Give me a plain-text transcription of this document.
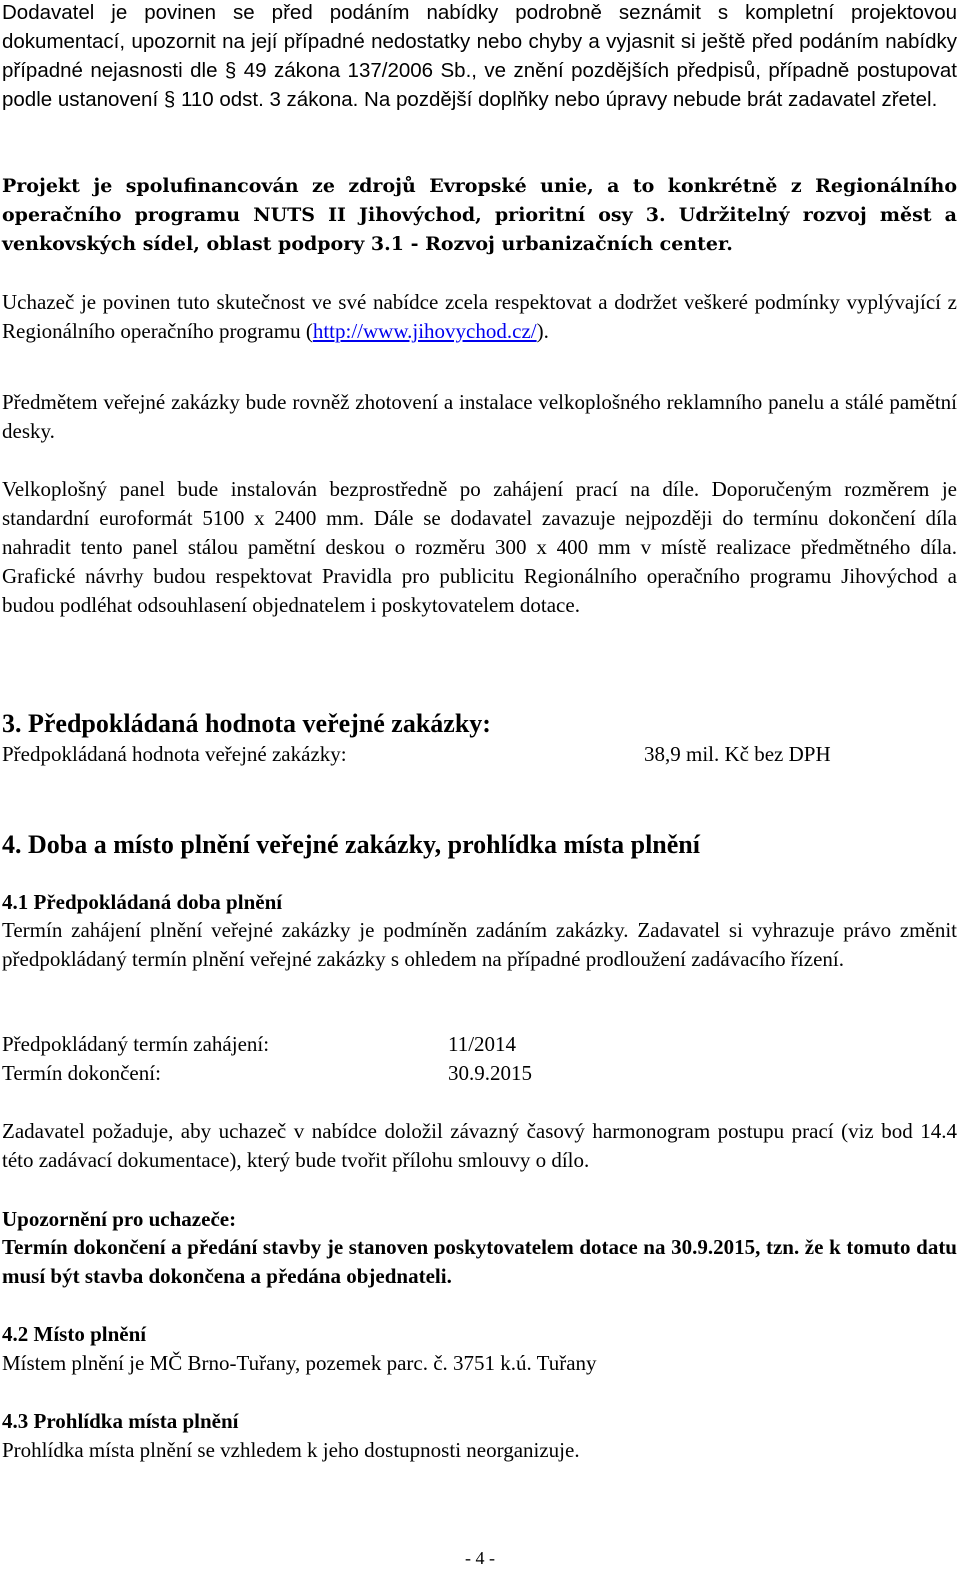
Dodavatel je povinen se před podáním nabídky podrobně seznámit s kompletní projektovou dokumentací, upozornit na její případné nedostatky nebo chyby a vyjasnit si ještě před podáním nabídky případné nejasnosti dle § 49 zákona 137/2006 Sb., ve znění pozdějších předpisů, případně postupovat podle ustanovení § 110 odst. 3 zákona. Na pozdější doplňky nebo úpravy nebude brát zadavatel zřetel.

Projekt je spolufinancován ze zdrojů Evropské unie, a to konkrétně z Regionálního operačního programu NUTS II Jihovýchod, prioritní osy 3. Udržitelný rozvoj měst a venkovských sídel, oblast podpory 3.1 - Rozvoj urbanizačních center.

Uchazeč je povinen tuto skutečnost ve své nabídce zcela respektovat a dodržet veškeré podmínky vyplývající z Regionálního operačního programu (http://www.jihovychod.cz/).

Předmětem veřejné zakázky bude rovněž zhotovení a instalace velkoplošného reklamního panelu a stálé pamětní desky.

Velkoplošný panel bude instalován bezprostředně po zahájení prací na díle. Doporučeným rozměrem je standardní euroformát 5100 x 2400 mm. Dále se dodavatel zavazuje nejpozději do termínu dokončení díla nahradit tento panel stálou pamětní deskou o rozměru 300 x 400 mm v místě realizace předmětného díla. Grafické návrhy budou respektovat Pravidla pro publicitu Regionálního operačního programu Jihovýchod a budou podléhat odsouhlasení objednatelem i poskytovatelem dotace.

3. Předpokládaná hodnota veřejné zakázky:
Předpokládaná hodnota veřejné zakázky:	38,9 mil. Kč bez DPH
4. Doba a místo plnění veřejné zakázky, prohlídka místa plnění
4.1 Předpokládaná doba plnění

Termín zahájení plnění veřejné zakázky je podmíněn zadáním zakázky. Zadavatel si vyhrazuje právo změnit předpokládaný termín plnění veřejné zakázky s ohledem na případné prodloužení zadávacího řízení.

Předpokládaný termín zahájení:	11/2014
Termín dokončení:	30.9.2015

Zadavatel požaduje, aby uchazeč v nabídce doložil závazný časový harmonogram postupu prací (viz bod 14.4 této zadávací dokumentace), který bude tvořit přílohu smlouvy o dílo.

Upozornění pro uchazeče:

Termín dokončení a předání stavby je stanoven poskytovatelem dotace na 30.9.2015, tzn. že k tomuto datu musí být stavba dokončena a předána objednateli.

4.2 Místo plnění

Místem plnění je MČ Brno-Tuřany, pozemek parc. č. 3751 k.ú. Tuřany

4.3 Prohlídka místa plnění

Prohlídka místa plnění se vzhledem k jeho dostupnosti neorganizuje.

- 4 -
